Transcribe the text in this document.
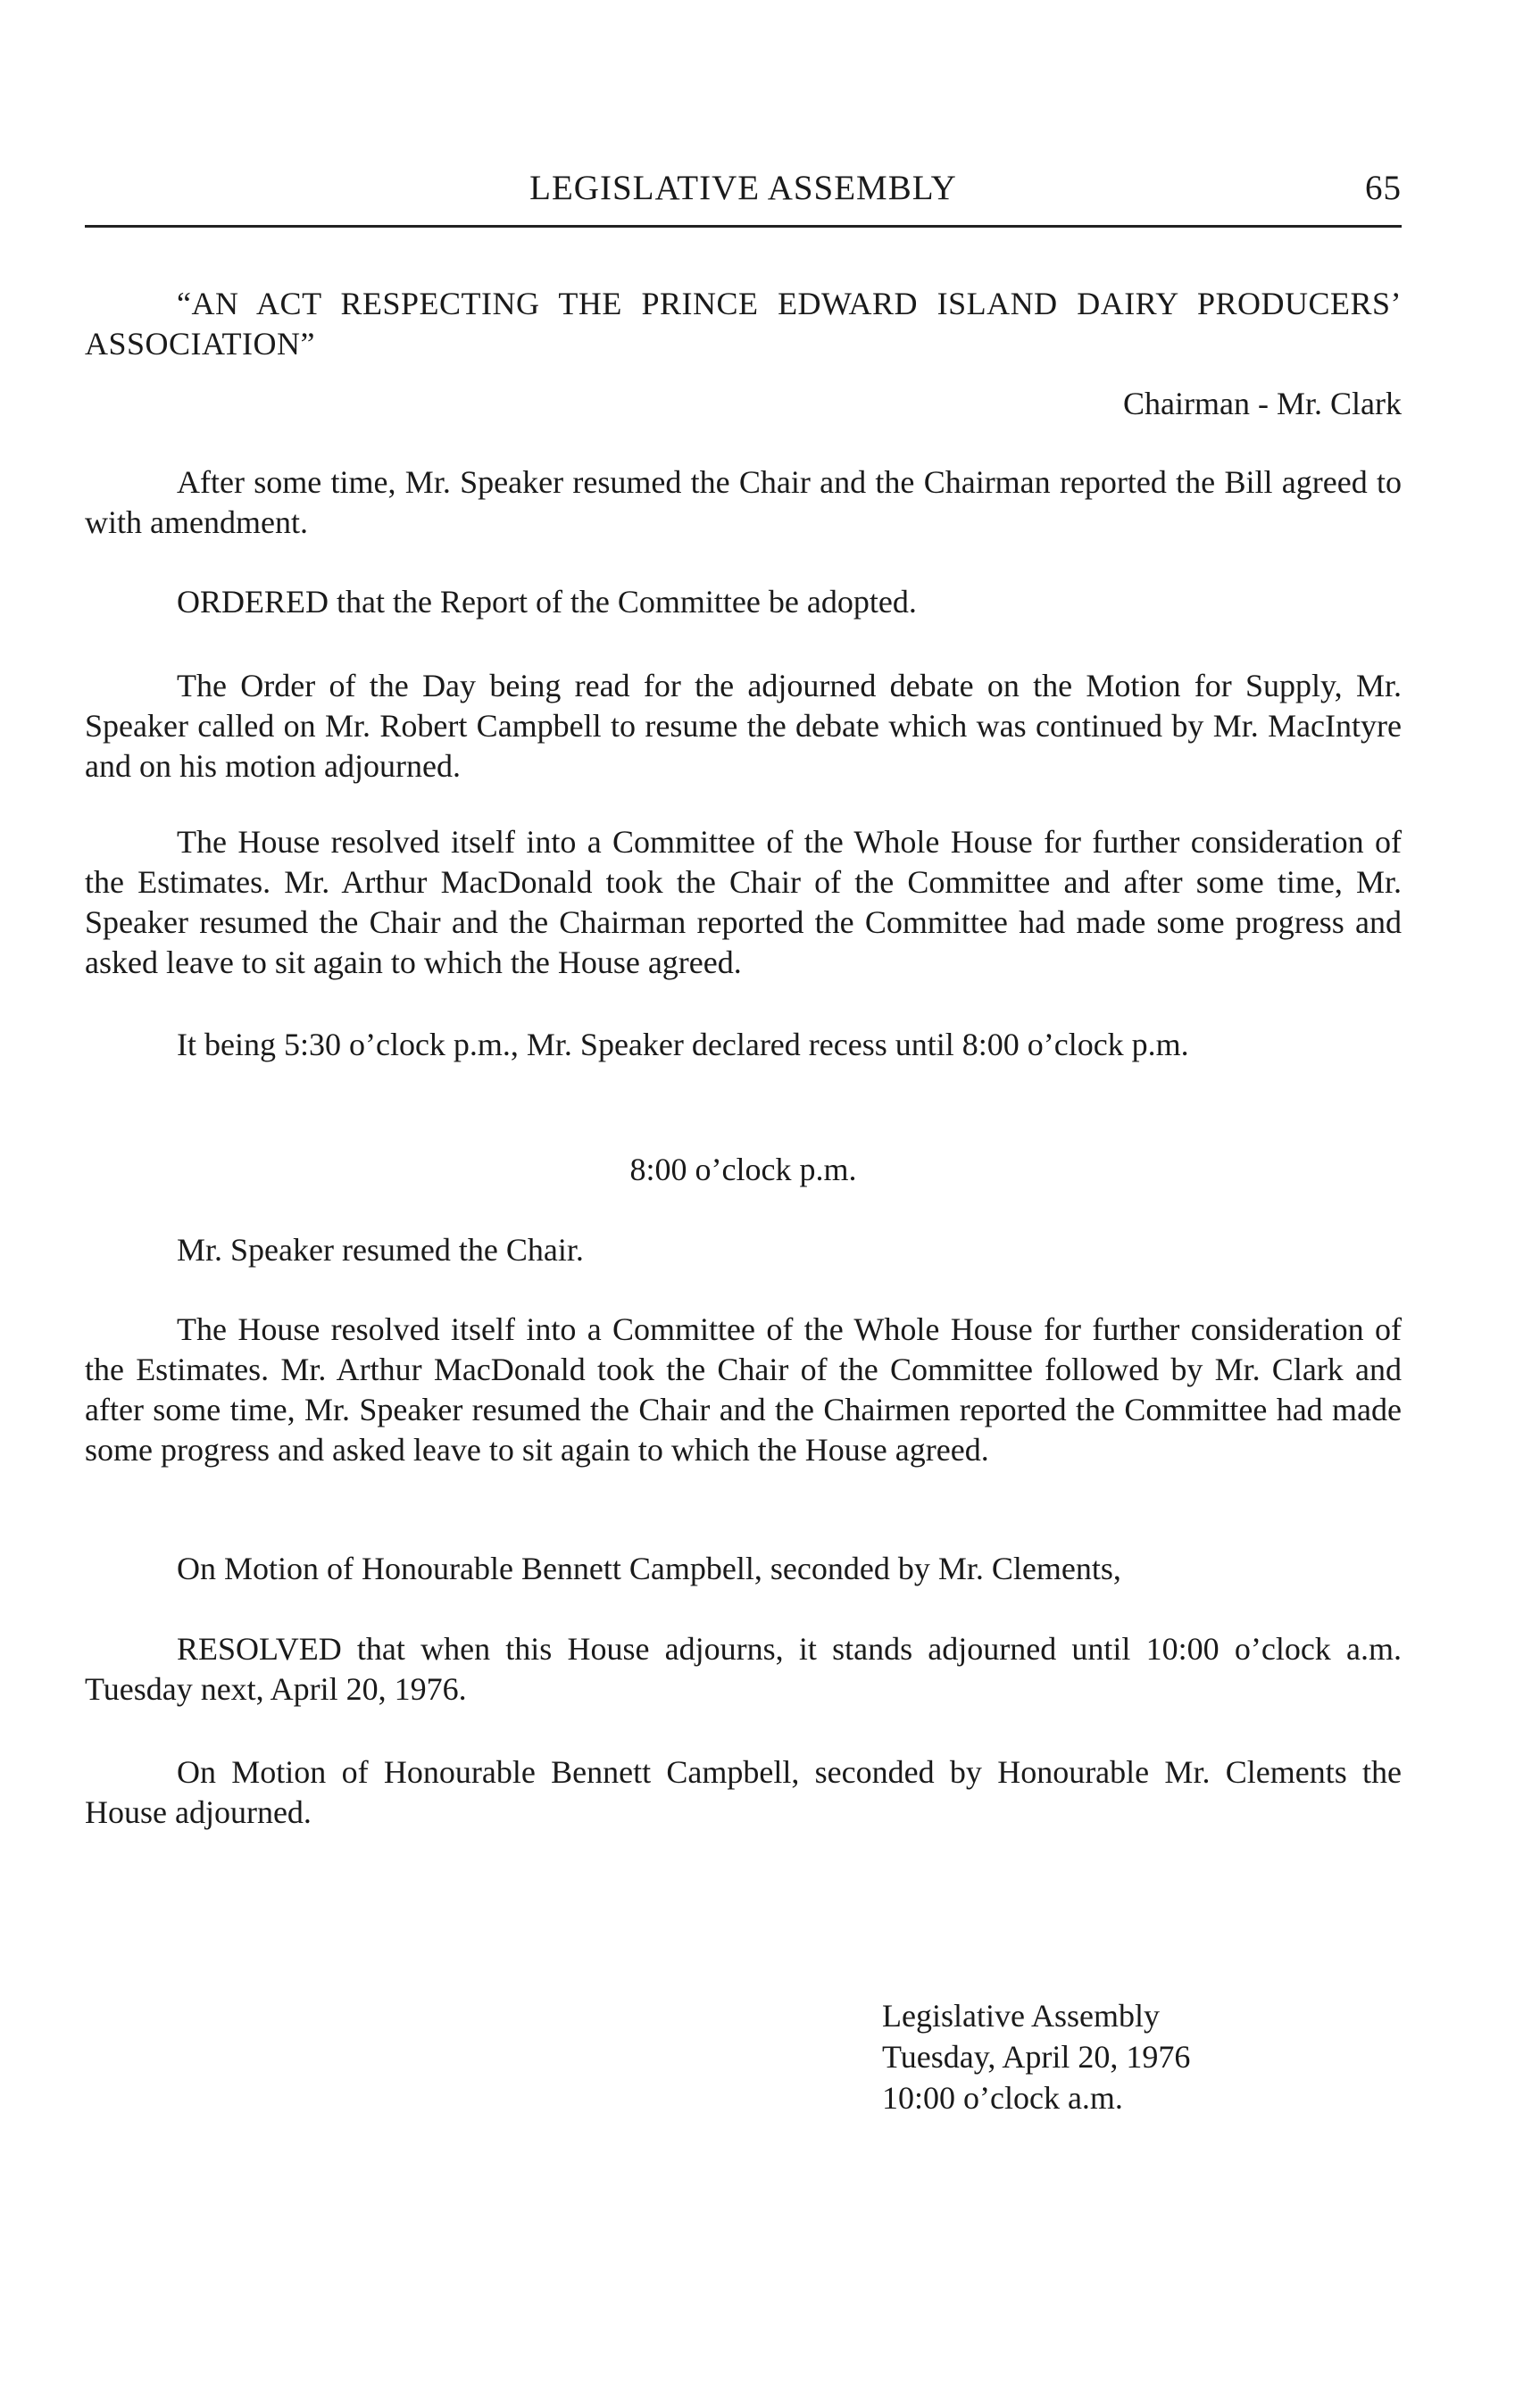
LEGISLATIVE ASSEMBLY	65

“AN ACT RESPECTING THE PRINCE EDWARD ISLAND DAIRY PRODUCERS’ ASSOCIATION”

Chairman - Mr. Clark

After some time, Mr. Speaker resumed the Chair and the Chairman reported the Bill agreed to with amendment.

ORDERED that the Report of the Committee be adopted.

The Order of the Day being read for the adjourned debate on the Motion for Supply, Mr. Speaker called on Mr. Robert Campbell to resume the debate which was continued by Mr. MacIntyre and on his motion adjourned.

The House resolved itself into a Committee of the Whole House for further consideration of the Estimates. Mr. Arthur MacDonald took the Chair of the Committee and after some time, Mr. Speaker resumed the Chair and the Chairman reported the Committee had made some progress and asked leave to sit again to which the House agreed.

It being 5:30 o’clock p.m., Mr. Speaker declared recess until 8:00 o’clock p.m.

8:00 o’clock p.m.

Mr. Speaker resumed the Chair.

The House resolved itself into a Committee of the Whole House for further consideration of the Estimates. Mr. Arthur MacDonald took the Chair of the Committee followed by Mr. Clark and after some time, Mr. Speaker resumed the Chair and the Chairmen reported the Committee had made some progress and asked leave to sit again to which the House agreed.

On Motion of Honourable Bennett Campbell, seconded by Mr. Clements,

RESOLVED that when this House adjourns, it stands adjourned until 10:00 o’clock a.m. Tuesday next, April 20, 1976.

On Motion of Honourable Bennett Campbell, seconded by Honourable Mr. Clements the House adjourned.

Legislative Assembly
Tuesday, April 20, 1976
10:00 o’clock a.m.
